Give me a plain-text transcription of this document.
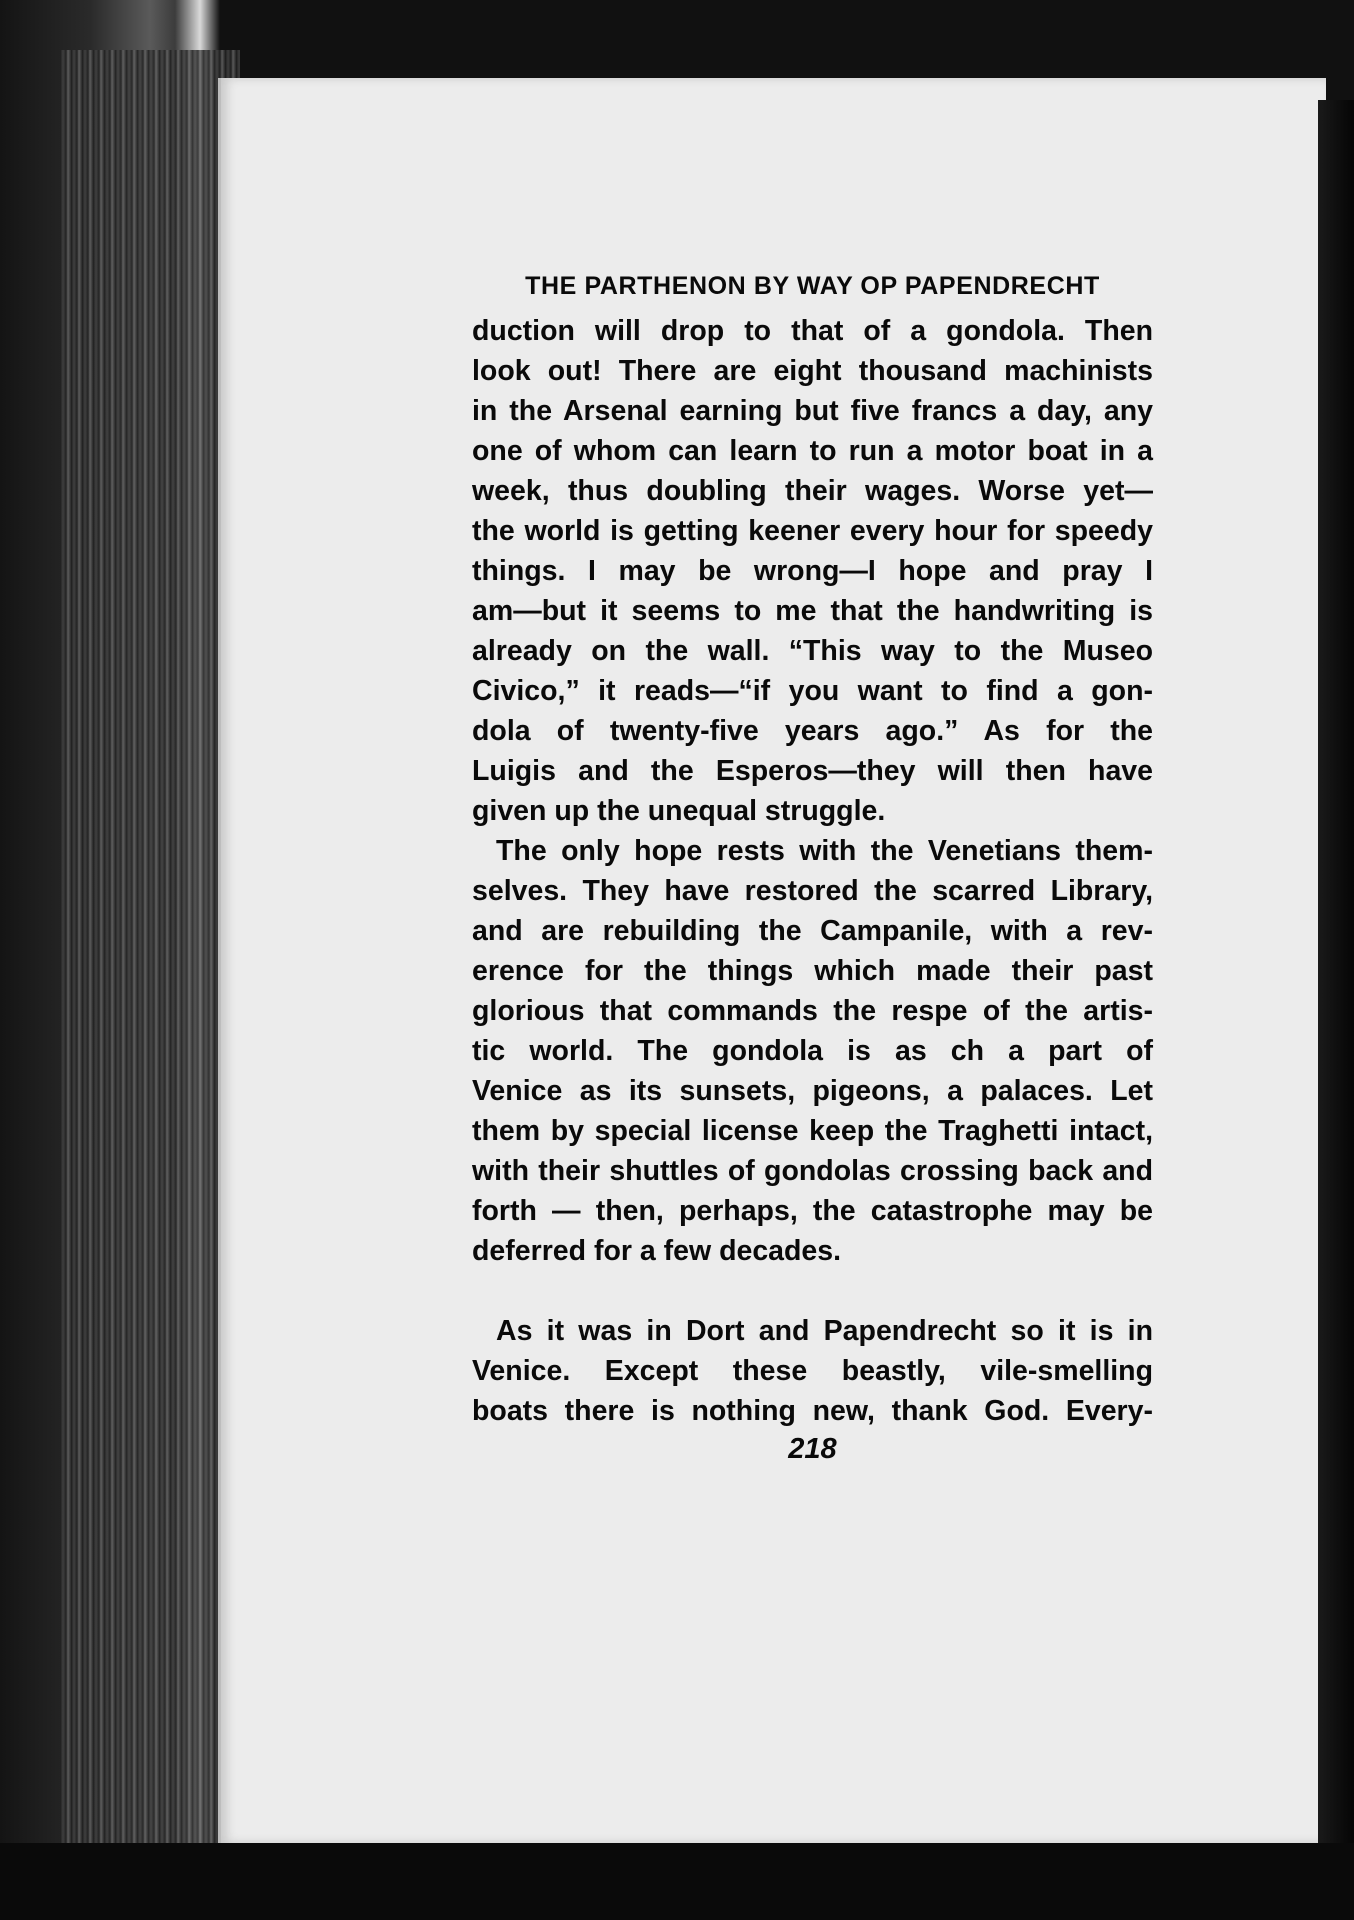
THE PARTHENON BY WAY OP PAPENDRECHT

duction will drop to that of a gondola. Then
look out! There are eight thousand machinists
in the Arsenal earning but five francs a day, any
one of whom can learn to run a motor boat in a
week, thus doubling their wages. Worse yet—
the world is getting keener every hour for speedy
things. I may be wrong—I hope and pray I
am—but it seems to me that the handwriting is
already on the wall. “This way to the Museo
Civico,” it reads—“if you want to find a gon-
dola of twenty-five years ago.” As for the
Luigis and the Esperos—they will then have
given up the unequal struggle.

The only hope rests with the Venetians them-
selves. They have restored the scarred Library,
and are rebuilding the Campanile, with a rev-
erence for the things which made their past
glorious that commands the respe of the artis-
tic world. The gondola is as ch a part of
Venice as its sunsets, pigeons, a palaces. Let
them by special license keep the Traghetti intact,
with their shuttles of gondolas crossing back and
forth — then, perhaps, the catastrophe may be
deferred for a few decades.

As it was in Dort and Papendrecht so it is in
Venice. Except these beastly, vile-smelling
boats there is nothing new, thank God. Every-

218
